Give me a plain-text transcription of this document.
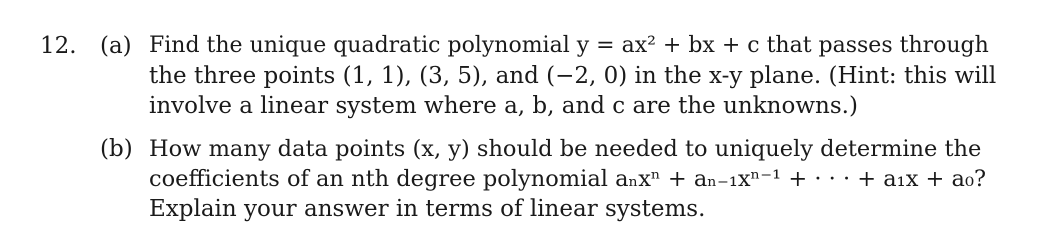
12. (a) Find the unique quadratic polynomial y = ax² + bx + c that passes through
the three points (1, 1), (3, 5), and (−2, 0) in the x-y plane. (Hint: this will
involve a linear system where a, b, and c are the unknowns.)
(b) How many data points (x, y) should be needed to uniquely determine the
coefficients of an nth degree polynomial aₙxⁿ + aₙ₋₁xⁿ⁻¹ + · · · + a₁x + a₀?
Explain your answer in terms of linear systems.
